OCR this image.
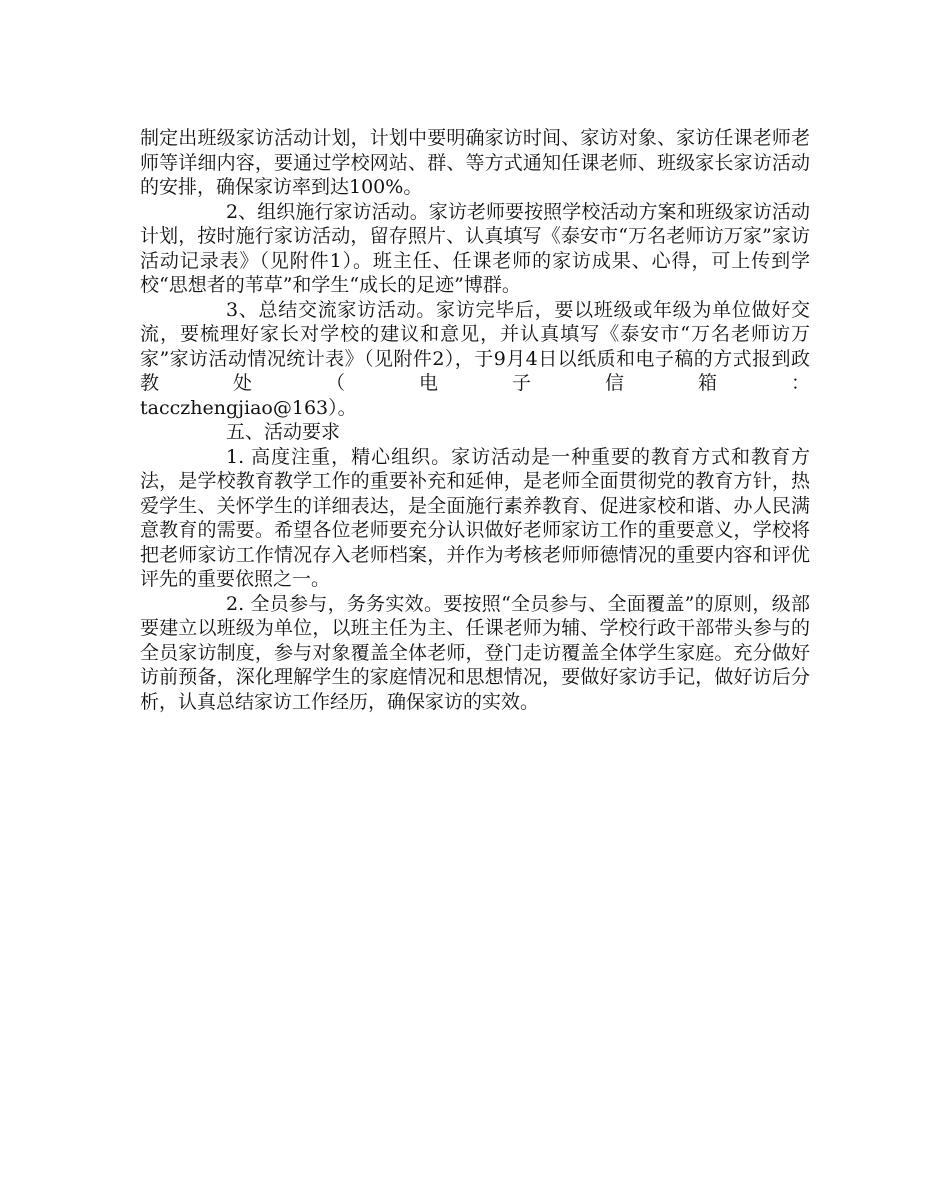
制定出班级家访活动计划，计划中要明确家访时间、家访对象、家访任课老师老师等详细内容，要通过学校网站、群、等方式通知任课老师、班级家长家访活动的安排，确保家访率到达100%。

2、组织施行家访活动。家访老师要按照学校活动方案和班级家访活动计划，按时施行家访活动，留存照片、认真填写《泰安市“万名老师访万家”家访活动记录表》（见附件1）。班主任、任课老师的家访成果、心得，可上传到学校“思想者的苇草”和学生“成长的足迹”博群。

3、总结交流家访活动。家访完毕后，要以班级或年级为单位做好交流，要梳理好家长对学校的建议和意见，并认真填写《泰安市“万名老师访万家”家访活动情况统计表》（见附件2），于9月4日以纸质和电子稿的方式报到政教处（电子信箱：

tacczhengjiao@163）。

五、活动要求

1. 高度注重，精心组织。家访活动是一种重要的教育方式和教育方法，是学校教育教学工作的重要补充和延伸，是老师全面贯彻党的教育方针，热爱学生、关怀学生的详细表达，是全面施行素养教育、促进家校和谐、办人民满意教育的需要。希望各位老师要充分认识做好老师家访工作的重要意义，学校将把老师家访工作情况存入老师档案，并作为考核老师师德情况的重要内容和评优评先的重要依照之一。

2. 全员参与，务务实效。要按照“全员参与、全面覆盖”的原则，级部要建立以班级为单位，以班主任为主、任课老师为辅、学校行政干部带头参与的全员家访制度，参与对象覆盖全体老师，登门走访覆盖全体学生家庭。充分做好访前预备，深化理解学生的家庭情况和思想情况，要做好家访手记，做好访后分析，认真总结家访工作经历，确保家访的实效。
